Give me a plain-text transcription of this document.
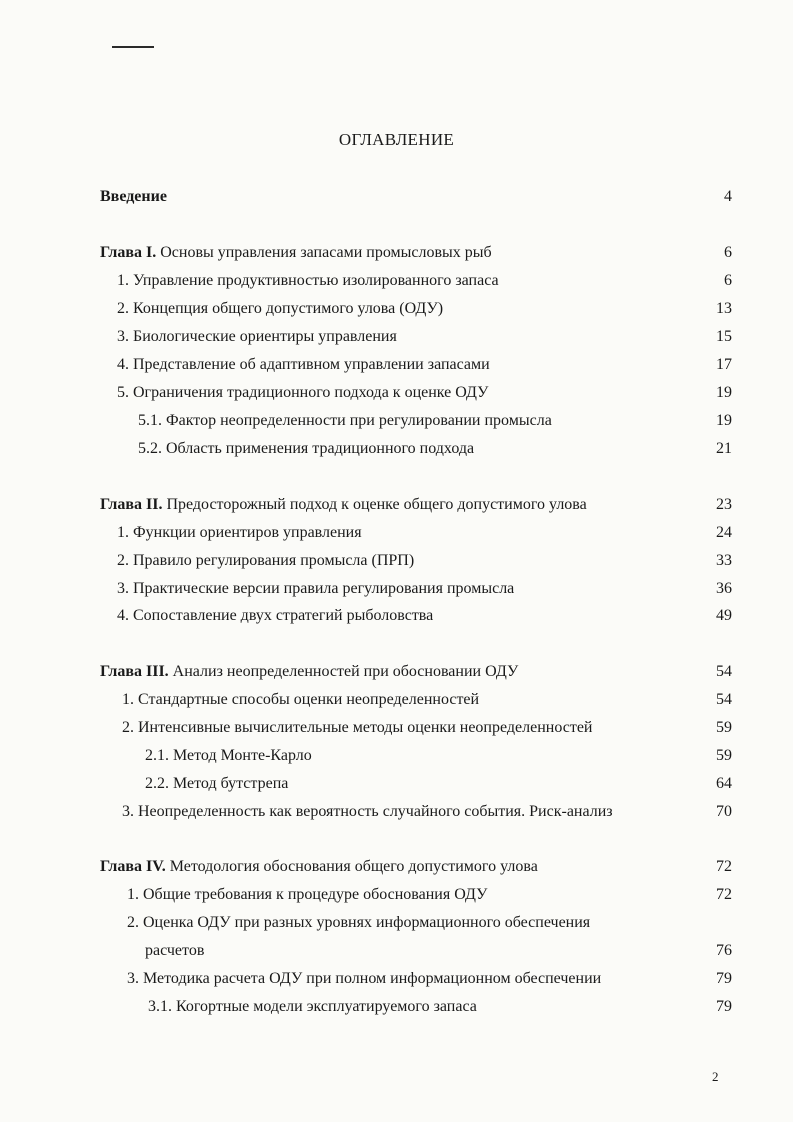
ОГЛАВЛЕНИЕ
Введение	4
Глава I. Основы управления запасами промысловых рыб	6
1. Управление продуктивностью изолированного запаса	6
2. Концепция общего допустимого улова (ОДУ)	13
3. Биологические ориентиры управления	15
4. Представление об адаптивном управлении запасами	17
5. Ограничения традиционного подхода к оценке ОДУ	19
5.1. Фактор неопределенности при регулировании промысла	19
5.2. Область применения традиционного подхода	21
Глава II. Предосторожный подход к оценке общего допустимого улова	23
1. Функции ориентиров управления	24
2. Правило регулирования промысла (ПРП)	33
3. Практические версии правила регулирования промысла	36
4. Сопоставление двух стратегий рыболовства	49
Глава III. Анализ неопределенностей при обосновании ОДУ	54
1. Стандартные способы оценки неопределенностей	54
2. Интенсивные вычислительные методы оценки неопределенностей	59
2.1. Метод Монте-Карло	59
2.2. Метод бутстрепа	64
3. Неопределенность как вероятность случайного события. Риск-анализ	70
Глава IV. Методология обоснования общего допустимого улова	72
1. Общие требования к процедуре обоснования ОДУ	72
2. Оценка ОДУ при разных уровнях информационного обеспечения
расчетов	76
3. Методика расчета ОДУ при полном информационном обеспечении	79
3.1. Когортные модели эксплуатируемого запаса	79
2
